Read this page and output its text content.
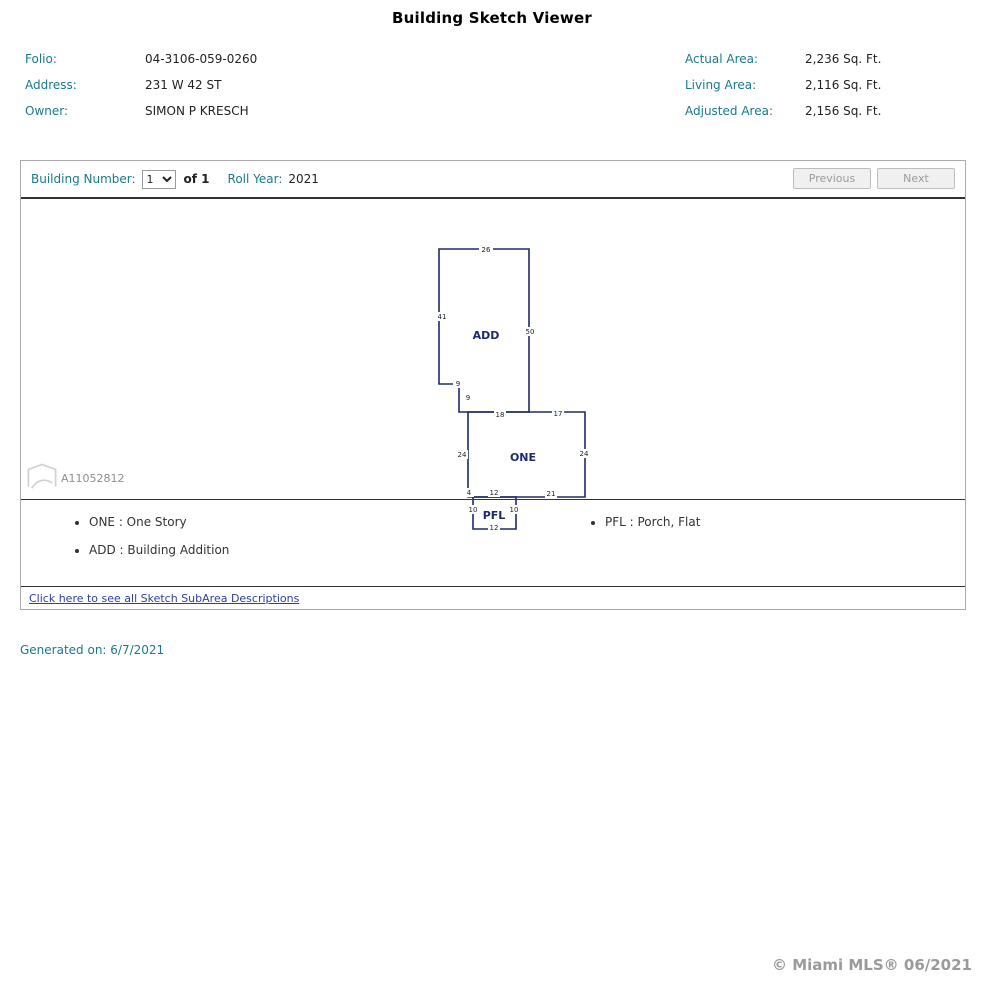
Building Sketch Viewer
Folio:	04-3106-059-0260
Address:	231 W 42 ST
Owner:	SIMON P KRESCH
Actual Area:	2,236 Sq. Ft.
Living Area:	2,116 Sq. Ft.
Adjusted Area:	2,156 Sq. Ft.
Building Number:
1	of 1 Roll Year: 2021	Previous	Next
26
41
50
9
9
18	17
24	24
4	12	21
10	10
12
ADD
ONE
PFL
A11052812
• ONE : One Story
• ADD : Building Addition
• PFL : Porch, Flat
Click here to see all Sketch SubArea Descriptions
Generated on: 6/7/2021
© Miami MLS® 06/2021
